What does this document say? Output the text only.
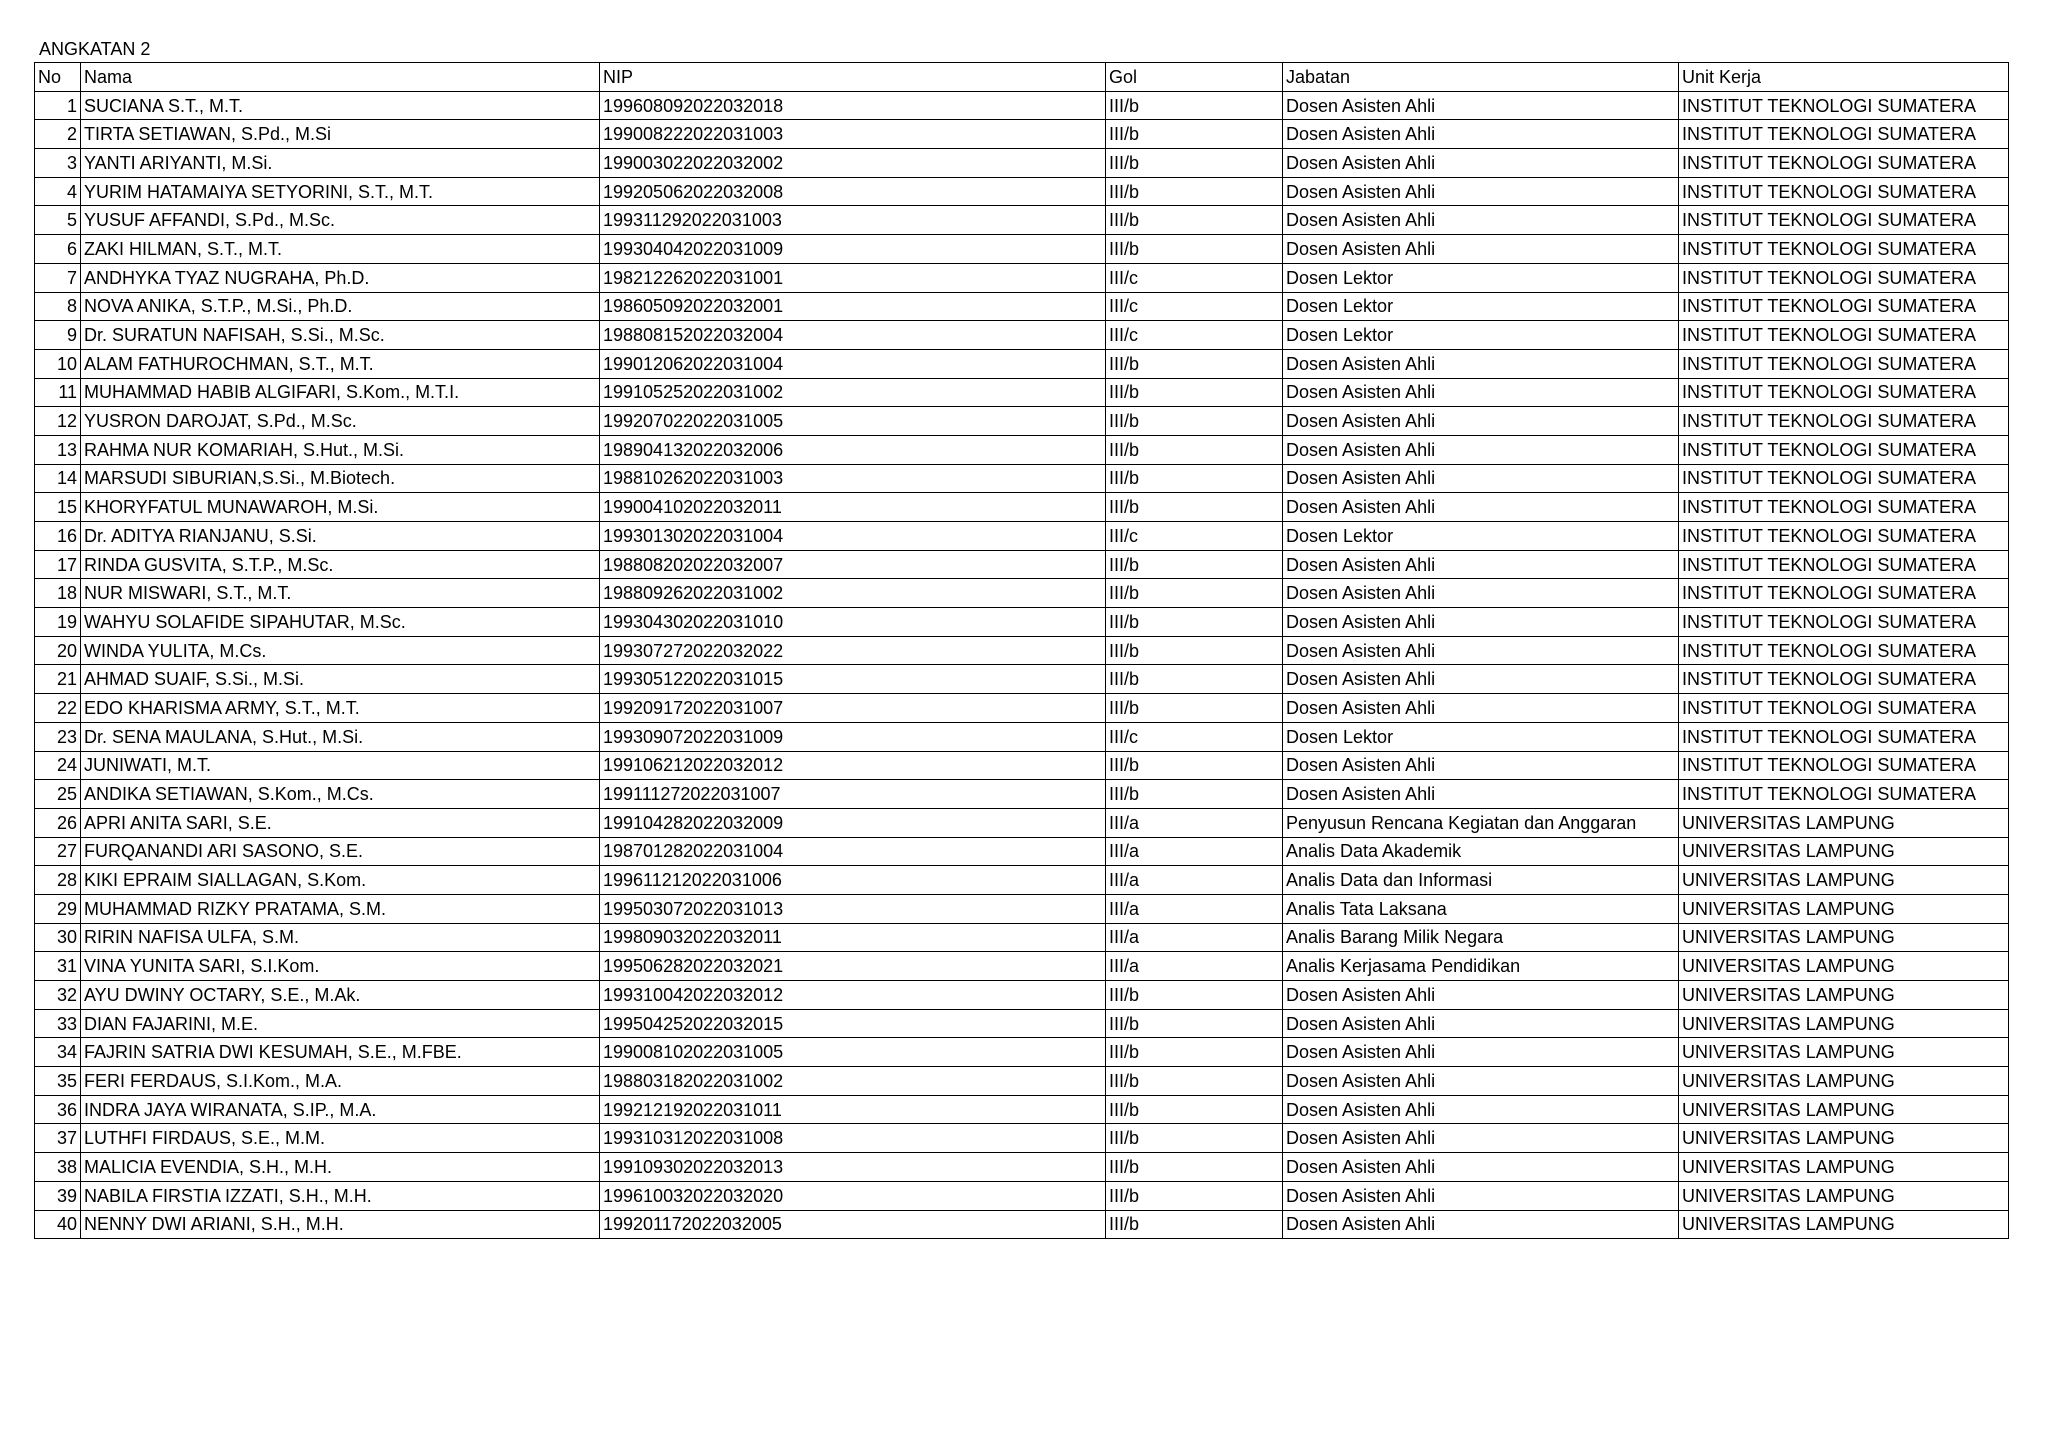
ANGKATAN 2
No	Nama	NIP	Gol	Jabatan	Unit Kerja
1	SUCIANA S.T., M.T.	199608092022032018	III/b	Dosen Asisten Ahli	INSTITUT TEKNOLOGI SUMATERA
2	TIRTA SETIAWAN, S.Pd., M.Si	199008222022031003	III/b	Dosen Asisten Ahli	INSTITUT TEKNOLOGI SUMATERA
3	YANTI ARIYANTI, M.Si.	199003022022032002	III/b	Dosen Asisten Ahli	INSTITUT TEKNOLOGI SUMATERA
4	YURIM HATAMAIYA SETYORINI, S.T., M.T.	199205062022032008	III/b	Dosen Asisten Ahli	INSTITUT TEKNOLOGI SUMATERA
5	YUSUF AFFANDI, S.Pd., M.Sc.	199311292022031003	III/b	Dosen Asisten Ahli	INSTITUT TEKNOLOGI SUMATERA
6	ZAKI HILMAN, S.T., M.T.	199304042022031009	III/b	Dosen Asisten Ahli	INSTITUT TEKNOLOGI SUMATERA
7	ANDHYKA TYAZ NUGRAHA, Ph.D.	198212262022031001	III/c	Dosen Lektor	INSTITUT TEKNOLOGI SUMATERA
8	NOVA ANIKA, S.T.P., M.Si., Ph.D.	198605092022032001	III/c	Dosen Lektor	INSTITUT TEKNOLOGI SUMATERA
9	Dr. SURATUN NAFISAH, S.Si., M.Sc.	198808152022032004	III/c	Dosen Lektor	INSTITUT TEKNOLOGI SUMATERA
10	ALAM FATHUROCHMAN, S.T., M.T.	199012062022031004	III/b	Dosen Asisten Ahli	INSTITUT TEKNOLOGI SUMATERA
11	MUHAMMAD HABIB ALGIFARI, S.Kom., M.T.I.	199105252022031002	III/b	Dosen Asisten Ahli	INSTITUT TEKNOLOGI SUMATERA
12	YUSRON DAROJAT, S.Pd., M.Sc.	199207022022031005	III/b	Dosen Asisten Ahli	INSTITUT TEKNOLOGI SUMATERA
13	RAHMA NUR KOMARIAH, S.Hut., M.Si.	198904132022032006	III/b	Dosen Asisten Ahli	INSTITUT TEKNOLOGI SUMATERA
14	MARSUDI SIBURIAN,S.Si., M.Biotech.	198810262022031003	III/b	Dosen Asisten Ahli	INSTITUT TEKNOLOGI SUMATERA
15	KHORYFATUL MUNAWAROH, M.Si.	199004102022032011	III/b	Dosen Asisten Ahli	INSTITUT TEKNOLOGI SUMATERA
16	Dr. ADITYA RIANJANU, S.Si.	199301302022031004	III/c	Dosen Lektor	INSTITUT TEKNOLOGI SUMATERA
17	RINDA GUSVITA, S.T.P., M.Sc.	198808202022032007	III/b	Dosen Asisten Ahli	INSTITUT TEKNOLOGI SUMATERA
18	NUR MISWARI, S.T., M.T.	198809262022031002	III/b	Dosen Asisten Ahli	INSTITUT TEKNOLOGI SUMATERA
19	WAHYU SOLAFIDE SIPAHUTAR, M.Sc.	199304302022031010	III/b	Dosen Asisten Ahli	INSTITUT TEKNOLOGI SUMATERA
20	WINDA YULITA, M.Cs.	199307272022032022	III/b	Dosen Asisten Ahli	INSTITUT TEKNOLOGI SUMATERA
21	AHMAD SUAIF, S.Si., M.Si.	199305122022031015	III/b	Dosen Asisten Ahli	INSTITUT TEKNOLOGI SUMATERA
22	EDO KHARISMA ARMY, S.T., M.T.	199209172022031007	III/b	Dosen Asisten Ahli	INSTITUT TEKNOLOGI SUMATERA
23	Dr. SENA MAULANA, S.Hut., M.Si.	199309072022031009	III/c	Dosen Lektor	INSTITUT TEKNOLOGI SUMATERA
24	JUNIWATI, M.T.	199106212022032012	III/b	Dosen Asisten Ahli	INSTITUT TEKNOLOGI SUMATERA
25	ANDIKA SETIAWAN, S.Kom., M.Cs.	199111272022031007	III/b	Dosen Asisten Ahli	INSTITUT TEKNOLOGI SUMATERA
26	APRI ANITA SARI, S.E.	199104282022032009	III/a	Penyusun Rencana Kegiatan dan Anggaran	UNIVERSITAS LAMPUNG
27	FURQANANDI ARI SASONO, S.E.	198701282022031004	III/a	Analis Data Akademik	UNIVERSITAS LAMPUNG
28	KIKI EPRAIM SIALLAGAN, S.Kom.	199611212022031006	III/a	Analis Data dan Informasi	UNIVERSITAS LAMPUNG
29	MUHAMMAD RIZKY PRATAMA, S.M.	199503072022031013	III/a	Analis Tata Laksana	UNIVERSITAS LAMPUNG
30	RIRIN NAFISA ULFA, S.M.	199809032022032011	III/a	Analis Barang Milik Negara	UNIVERSITAS LAMPUNG
31	VINA YUNITA SARI, S.I.Kom.	199506282022032021	III/a	Analis Kerjasama Pendidikan	UNIVERSITAS LAMPUNG
32	AYU DWINY OCTARY, S.E., M.Ak.	199310042022032012	III/b	Dosen Asisten Ahli	UNIVERSITAS LAMPUNG
33	DIAN FAJARINI, M.E.	199504252022032015	III/b	Dosen Asisten Ahli	UNIVERSITAS LAMPUNG
34	FAJRIN SATRIA DWI KESUMAH, S.E., M.FBE.	199008102022031005	III/b	Dosen Asisten Ahli	UNIVERSITAS LAMPUNG
35	FERI FERDAUS, S.I.Kom., M.A.	198803182022031002	III/b	Dosen Asisten Ahli	UNIVERSITAS LAMPUNG
36	INDRA JAYA WIRANATA, S.IP., M.A.	199212192022031011	III/b	Dosen Asisten Ahli	UNIVERSITAS LAMPUNG
37	LUTHFI FIRDAUS, S.E., M.M.	199310312022031008	III/b	Dosen Asisten Ahli	UNIVERSITAS LAMPUNG
38	MALICIA EVENDIA, S.H., M.H.	199109302022032013	III/b	Dosen Asisten Ahli	UNIVERSITAS LAMPUNG
39	NABILA FIRSTIA IZZATI, S.H., M.H.	199610032022032020	III/b	Dosen Asisten Ahli	UNIVERSITAS LAMPUNG
40	NENNY DWI ARIANI, S.H., M.H.	199201172022032005	III/b	Dosen Asisten Ahli	UNIVERSITAS LAMPUNG
